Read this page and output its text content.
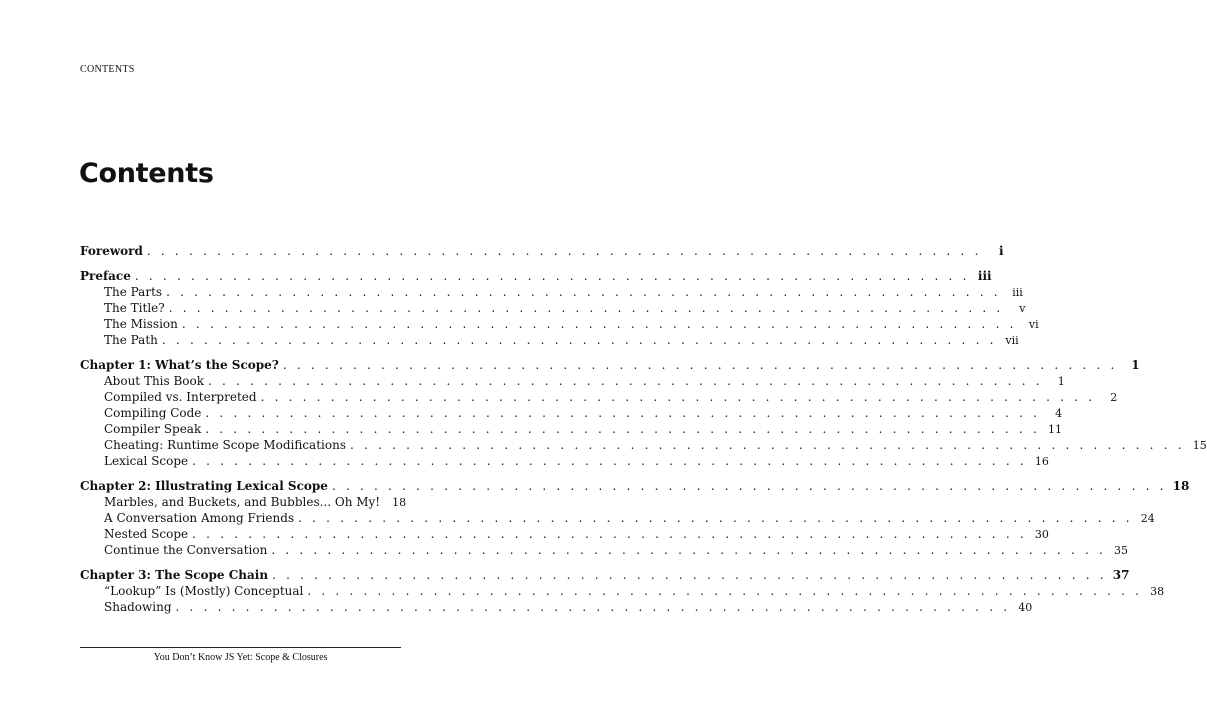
CONTENTS
Contents
Foreword . . . . . . . . . . . . . . . . . . . . . . . . . . . . . . . . . . . . . . . . . . . . . . . . . . . . . . . . . . . .	i
Preface . . . . . . . . . . . . . . . . . . . . . . . . . . . . . . . . . . . . . . . . . . . . . . . . . . . . . . . . . . . . iii
The Parts . . . . . . . . . . . . . . . . . . . . . . . . . . . . . . . . . . . . . . . . . . . . . . . . . . . . . . . . . . . .	iii
The Title? . . . . . . . . . . . . . . . . . . . . . . . . . . . . . . . . . . . . . . . . . . . . . . . . . . . . . . . . . . . .	v
The Mission . . . . . . . . . . . . . . . . . . . . . . . . . . . . . . . . . . . . . . . . . . . . . . . . . . . . . . . . . . . .	vi
The Path . . . . . . . . . . . . . . . . . . . . . . . . . . . . . . . . . . . . . . . . . . . . . . . . . . . . . . . . . . . . vii
Chapter 1: What’s the Scope? . . . . . . . . . . . . . . . . . . . . . . . . . . . . . . . . . . . . . . . . . . . . . . . . . . . . . . . . . . . .	1
About This Book . . . . . . . . . . . . . . . . . . . . . . . . . . . . . . . . . . . . . . . . . . . . . . . . . . . . . . . . . . . .	1
Compiled vs. Interpreted . . . . . . . . . . . . . . . . . . . . . . . . . . . . . . . . . . . . . . . . . . . . . . . . . . . . . . . . . . . .	2
Compiling Code . . . . . . . . . . . . . . . . . . . . . . . . . . . . . . . . . . . . . . . . . . . . . . . . . . . . . . . . . . . .	4
Compiler Speak . . . . . . . . . . . . . . . . . . . . . . . . . . . . . . . . . . . . . . . . . . . . . . . . . . . . . . . . . . . . 11
Cheating: Runtime Scope Modifications . . . . . . . . . . . . . . . . . . . . . . . . . . . . . . . . . . . . . . . . . . . . . . . . . . . . . . . . . . . . 15
Lexical Scope . . . . . . . . . . . . . . . . . . . . . . . . . . . . . . . . . . . . . . . . . . . . . . . . . . . . . . . . . . . . 16
Chapter 2: Illustrating Lexical Scope . . . . . . . . . . . . . . . . . . . . . . . . . . . . . . . . . . . . . . . . . . . . . . . . . . . . . . . . . . . . 18
Marbles, and Buckets, and Bubbles... Oh My! 18
A Conversation Among Friends . . . . . . . . . . . . . . . . . . . . . . . . . . . . . . . . . . . . . . . . . . . . . . . . . . . . . . . . . . . . 24
Nested Scope . . . . . . . . . . . . . . . . . . . . . . . . . . . . . . . . . . . . . . . . . . . . . . . . . . . . . . . . . . . . 30
Continue the Conversation . . . . . . . . . . . . . . . . . . . . . . . . . . . . . . . . . . . . . . . . . . . . . . . . . . . . . . . . . . . . 35
Chapter 3: The Scope Chain . . . . . . . . . . . . . . . . . . . . . . . . . . . . . . . . . . . . . . . . . . . . . . . . . . . . . . . . . . . . 37
“Lookup” Is (Mostly) Conceptual . . . . . . . . . . . . . . . . . . . . . . . . . . . . . . . . . . . . . . . . . . . . . . . . . . . . . . . . . . . . 38
Shadowing . . . . . . . . . . . . . . . . . . . . . . . . . . . . . . . . . . . . . . . . . . . . . . . . . . . . . . . . . . . . 40
You Don’t Know JS Yet: Scope & Closures
